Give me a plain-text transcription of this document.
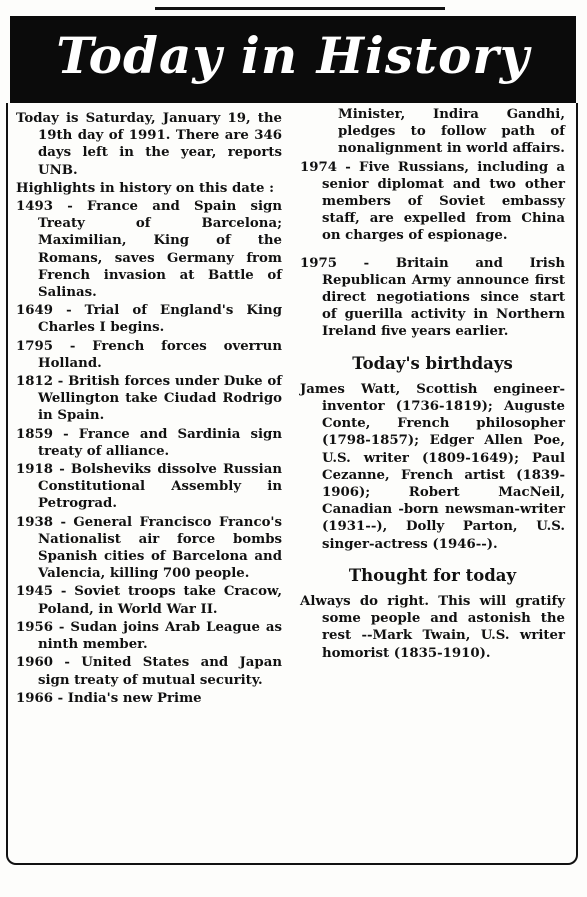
Today in History

Today is Saturday, January 19, the 19th day of 1991. There are 346 days left in the year, reports UNB.

Highlights in history on this date :

1493 - France and Spain sign Treaty of Barcelona; Maximilian, King of the Romans, saves Germany from French invasion at Battle of Salinas.

1649 - Trial of England's King Charles I begins.

1795 - French forces overrun Holland.

1812 - British forces under Duke of Wellington take Ciudad Rodrigo in Spain.

1859 - France and Sardinia sign treaty of alliance.

1918 - Bolsheviks dissolve Russian Constitutional Assembly in Petrograd.

1938 - General Francisco Franco's Nationalist air force bombs Spanish cities of Barcelona and Valencia, killing 700 people.

1945 - Soviet troops take Cracow, Poland, in World War II.

1956 - Sudan joins Arab League as ninth member.

1960 - United States and Japan sign treaty of mutual security.

1966 - India's new Prime

Minister, Indira Gandhi, pledges to follow path of nonalignment in world affairs.

1974 - Five Russians, including a senior diplomat and two other members of Soviet embassy staff, are expelled from China on charges of espionage.

1975 - Britain and Irish Republican Army announce first direct negotiations since start of guerilla activity in Northern Ireland five years earlier.

Today's birthdays

James Watt, Scottish engineer-inventor (1736-1819); Auguste Conte, French philosopher (1798-1857); Edger Allen Poe, U.S. writer (1809-1649); Paul Cezanne, French artist (1839-1906); Robert MacNeil, Canadian -born newsman-writer (1931--), Dolly Parton, U.S. singer-actress (1946--).

Thought for today

Always do right. This will gratify some people and astonish the rest --Mark Twain, U.S. writer homorist (1835-1910).
